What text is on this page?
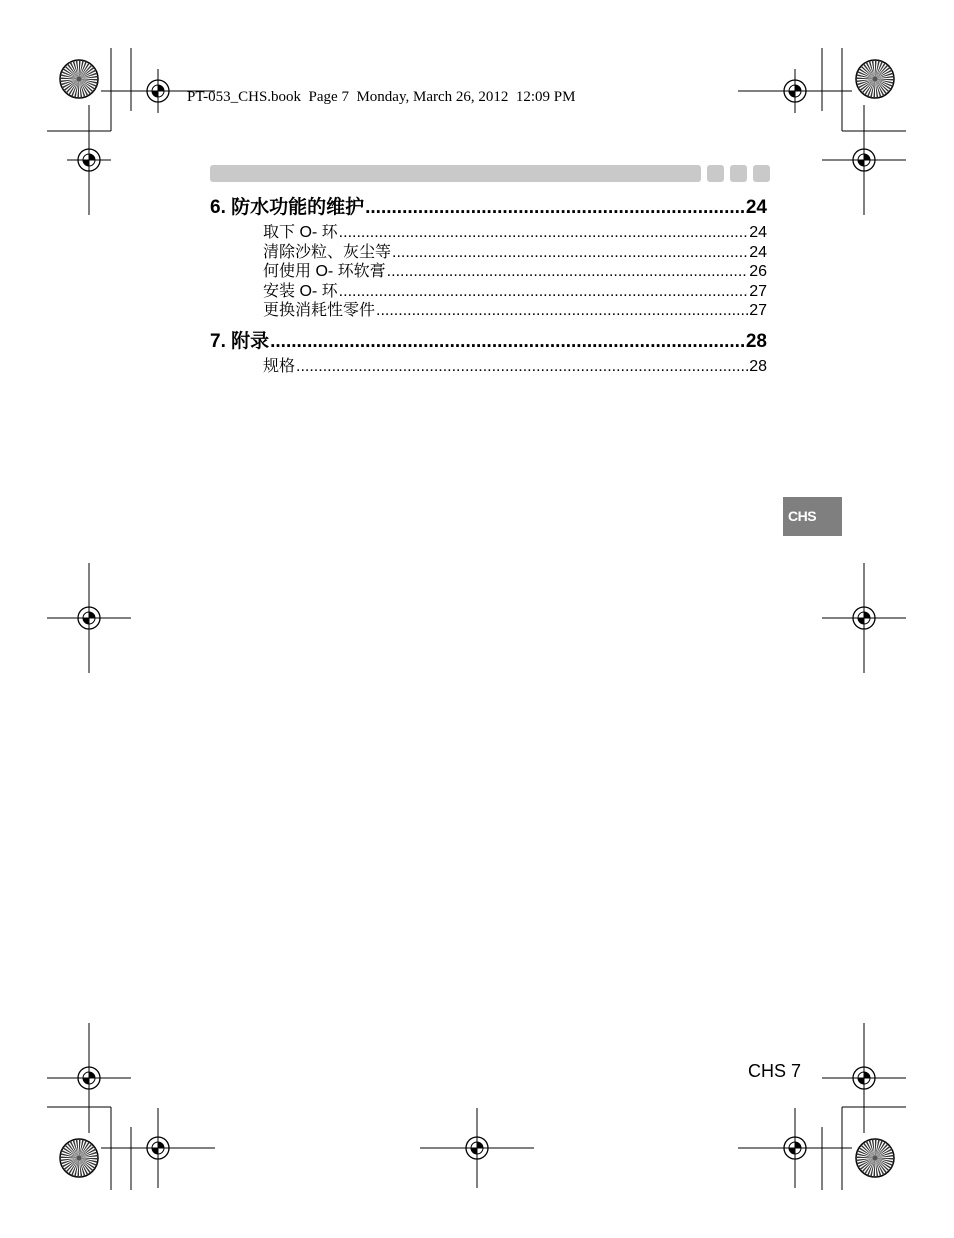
PT-053_CHS.book  Page 7  Monday, March 26, 2012  12:09 PM
6. 防水功能的维护 .....	24
取下 O- 环 .....	24
清除沙粒、灰尘等 .....	24
何使用 O- 环软膏 .....	26
安装 O- 环 .....	27
更换消耗性零件 .....	27
7. 附录 .....	28
规格 .....	28
CHS
CHS 7
